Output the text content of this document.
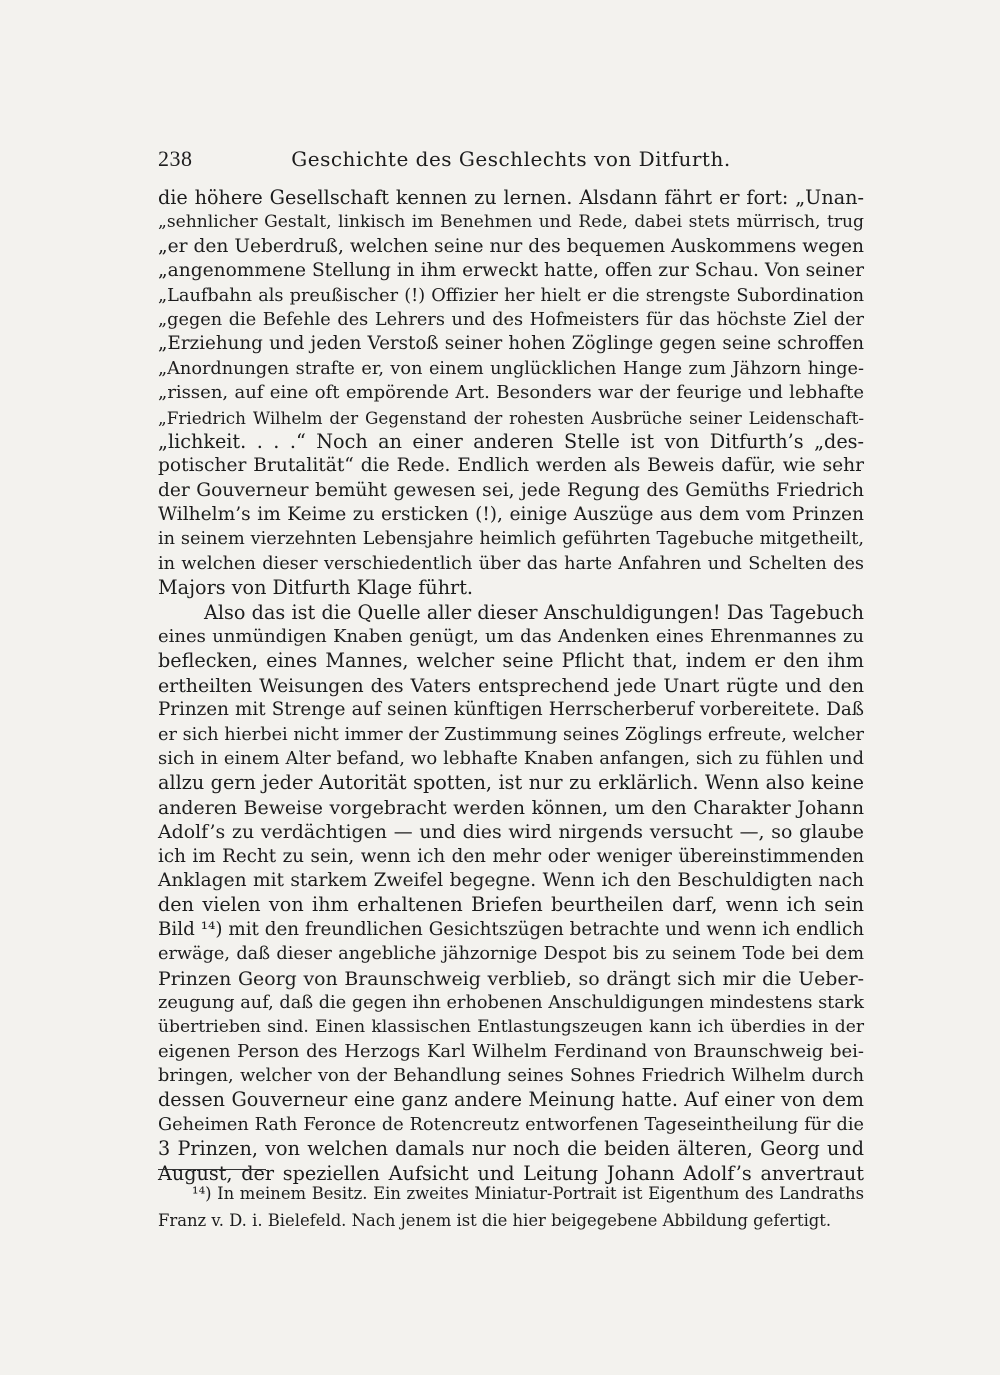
238	Geschichte des Geschlechts von Ditfurth.
die höhere Gesellschaft kennen zu lernen. Alsdann fährt er fort: „Unan-
„sehnlicher Gestalt, linkisch im Benehmen und Rede, dabei stets mürrisch, trug
„er den Ueberdruß, welchen seine nur des bequemen Auskommens wegen
„angenommene Stellung in ihm erweckt hatte, offen zur Schau. Von seiner
„Laufbahn als preußischer (!) Offizier her hielt er die strengste Subordination
„gegen die Befehle des Lehrers und des Hofmeisters für das höchste Ziel der
„Erziehung und jeden Verstoß seiner hohen Zöglinge gegen seine schroffen
„Anordnungen strafte er, von einem unglücklichen Hange zum Jähzorn hinge-
„rissen, auf eine oft empörende Art. Besonders war der feurige und lebhafte
„Friedrich Wilhelm der Gegenstand der rohesten Ausbrüche seiner Leidenschaft-
„lichkeit. . . .“ Noch an einer anderen Stelle ist von Ditfurth’s „des-
potischer Brutalität“ die Rede. Endlich werden als Beweis dafür, wie sehr
der Gouverneur bemüht gewesen sei, jede Regung des Gemüths Friedrich
Wilhelm’s im Keime zu ersticken (!), einige Auszüge aus dem vom Prinzen
in seinem vierzehnten Lebensjahre heimlich geführten Tagebuche mitgetheilt,
in welchen dieser verschiedentlich über das harte Anfahren und Schelten des
Majors von Ditfurth Klage führt.
Also das ist die Quelle aller dieser Anschuldigungen! Das Tagebuch
eines unmündigen Knaben genügt, um das Andenken eines Ehrenmannes zu
beflecken, eines Mannes, welcher seine Pflicht that, indem er den ihm
ertheilten Weisungen des Vaters entsprechend jede Unart rügte und den
Prinzen mit Strenge auf seinen künftigen Herrscherberuf vorbereitete. Daß
er sich hierbei nicht immer der Zustimmung seines Zöglings erfreute, welcher
sich in einem Alter befand, wo lebhafte Knaben anfangen, sich zu fühlen und
allzu gern jeder Autorität spotten, ist nur zu erklärlich. Wenn also keine
anderen Beweise vorgebracht werden können, um den Charakter Johann
Adolf’s zu verdächtigen — und dies wird nirgends versucht —, so glaube
ich im Recht zu sein, wenn ich den mehr oder weniger übereinstimmenden
Anklagen mit starkem Zweifel begegne. Wenn ich den Beschuldigten nach
den vielen von ihm erhaltenen Briefen beurtheilen darf, wenn ich sein
Bild ¹⁴) mit den freundlichen Gesichtszügen betrachte und wenn ich endlich
erwäge, daß dieser angebliche jähzornige Despot bis zu seinem Tode bei dem
Prinzen Georg von Braunschweig verblieb, so drängt sich mir die Ueber-
zeugung auf, daß die gegen ihn erhobenen Anschuldigungen mindestens stark
übertrieben sind. Einen klassischen Entlastungszeugen kann ich überdies in der
eigenen Person des Herzogs Karl Wilhelm Ferdinand von Braunschweig bei-
bringen, welcher von der Behandlung seines Sohnes Friedrich Wilhelm durch
dessen Gouverneur eine ganz andere Meinung hatte. Auf einer von dem
Geheimen Rath Feronce de Rotencreutz entworfenen Tageseintheilung für die
3 Prinzen, von welchen damals nur noch die beiden älteren, Georg und
August, der speziellen Aufsicht und Leitung Johann Adolf’s anvertraut
¹⁴) In meinem Besitz. Ein zweites Miniatur-Portrait ist Eigenthum des Landraths
Franz v. D. i. Bielefeld. Nach jenem ist die hier beigegebene Abbildung gefertigt.
